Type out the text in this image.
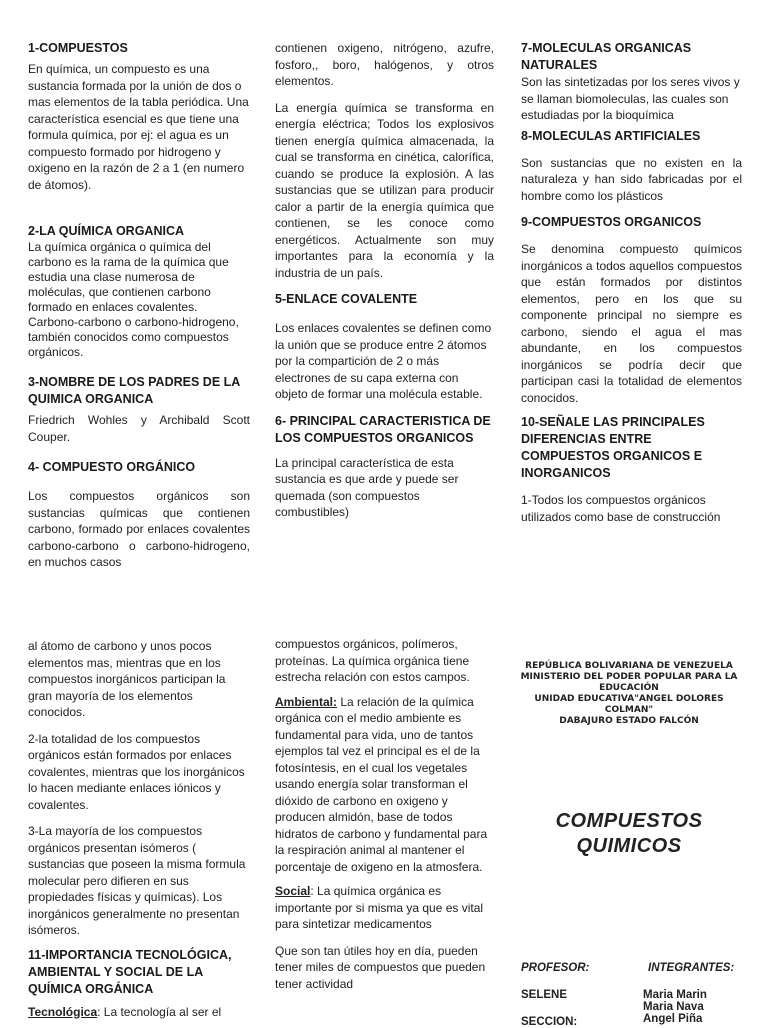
1-COMPUESTOS

En química, un compuesto es una sustancia formada por la unión de dos o mas elementos de la tabla periódica. Una característica esencial es que tiene una formula química, por ej: el agua es un compuesto formado por hidrogeno y oxigeno en la razón de 2 a 1 (en numero de átomos).

2-LA QUÍMICA ORGANICA

La química orgánica o química del carbono es la rama de la química que estudia una clase numerosa de moléculas, que contienen carbono formado en enlaces covalentes. Carbono-carbono o carbono-hidrogeno, también conocidos como compuestos orgánicos.

3-NOMBRE DE LOS PADRES DE LA QUIMICA ORGANICA

Friedrich Wohles y Archibald Scott Couper.

4- COMPUESTO ORGÁNICO

Los compuestos orgánicos son sustancias químicas que contienen carbono, formado por enlaces covalentes carbono-carbono o carbono-hidrogeno, en muchos casos

contienen oxigeno, nitrógeno, azufre, fosforo,, boro, halógenos, y otros elementos.

La energía química se transforma en energía eléctrica; Todos los explosivos tienen energía química almacenada, la cual se transforma en cinética, calorífica, cuando se produce la explosión. A las sustancias que se utilizan para producir calor a partir de la energía química que contienen, se les conoce como energéticos. Actualmente son muy importantes para la economía y la industria de un país.

5-ENLACE COVALENTE

Los enlaces covalentes se definen como la unión que se produce entre 2 átomos por la compartición de 2 o más electrones de su capa externa con objeto de formar una molécula estable.

6- PRINCIPAL CARACTERISTICA DE LOS COMPUESTOS ORGANICOS

La principal característica de esta sustancia es que arde y puede ser quemada (son compuestos combustibles)

7-MOLECULAS ORGANICAS NATURALES

Son las sintetizadas por los seres vivos y se llaman biomoleculas, las cuales son estudiadas por la bioquímica

8-MOLECULAS ARTIFICIALES

Son sustancias que no existen en la naturaleza y han sido fabricadas por el hombre como los plásticos

9-COMPUESTOS ORGANICOS

Se denomina compuesto químicos inorgánicos a todos aquellos compuestos que están formados por distintos elementos, pero en los que su componente principal no siempre es carbono, siendo el agua el mas abundante, en los compuestos inorgánicos se podría decir que participan casi la totalidad de elementos conocidos.

10-SEÑALE LAS PRINCIPALES DIFERENCIAS ENTRE COMPUESTOS ORGANICOS E INORGANICOS

1-Todos los compuestos orgánicos utilizados como base de construcción

al átomo de carbono y unos pocos elementos mas, mientras que en los compuestos inorgánicos participan la gran mayoría de los elementos conocidos.

2-la totalidad de los compuestos orgánicos están formados por enlaces covalentes, mientras que los inorgánicos lo hacen mediante enlaces iónicos y covalentes.

3-La mayoría de los compuestos orgánicos presentan isómeros ( sustancias que poseen la misma formula molecular pero difieren en sus propiedades físicas y químicas). Los inorgánicos generalmente no presentan isómeros.

11-IMPORTANCIA TECNOLÓGICA, AMBIENTAL Y SOCIAL DE LA QUÍMICA ORGÁNICA

Tecnológica: La tecnología al ser el

compuestos orgánicos, polímeros, proteínas. La química orgánica tiene estrecha relación con estos campos.

Ambiental: La relación de la química orgánica con el medio ambiente es fundamental para vida, uno de tantos ejemplos tal vez el principal es el de la fotosíntesis, en el cual los vegetales usando energía solar transforman el dióxido de carbono en oxigeno y producen almidón, base de todos hidratos de carbono y fundamental para la respiración animal al mantener el porcentaje de oxigeno en la atmosfera.

Social: La química orgánica es importante por si misma ya que es vital para sintetizar medicamentos

Que son tan útiles hoy en día, pueden tener miles de compuestos que pueden tener actividad

REPÚBLICA BOLIVARIANA DE VENEZUELA
MINISTERIO DEL PODER POPULAR PARA LA EDUCACIÓN
UNIDAD EDUCATIVA"ANGEL DOLORES COLMAN"
DABAJURO ESTADO FALCÓN
COMPUESTOS
QUIMICOS
PROFESOR:	INTEGRANTES:
SELENE
SECCION:
Maria Marin
Maria Nava
Angel Piña
